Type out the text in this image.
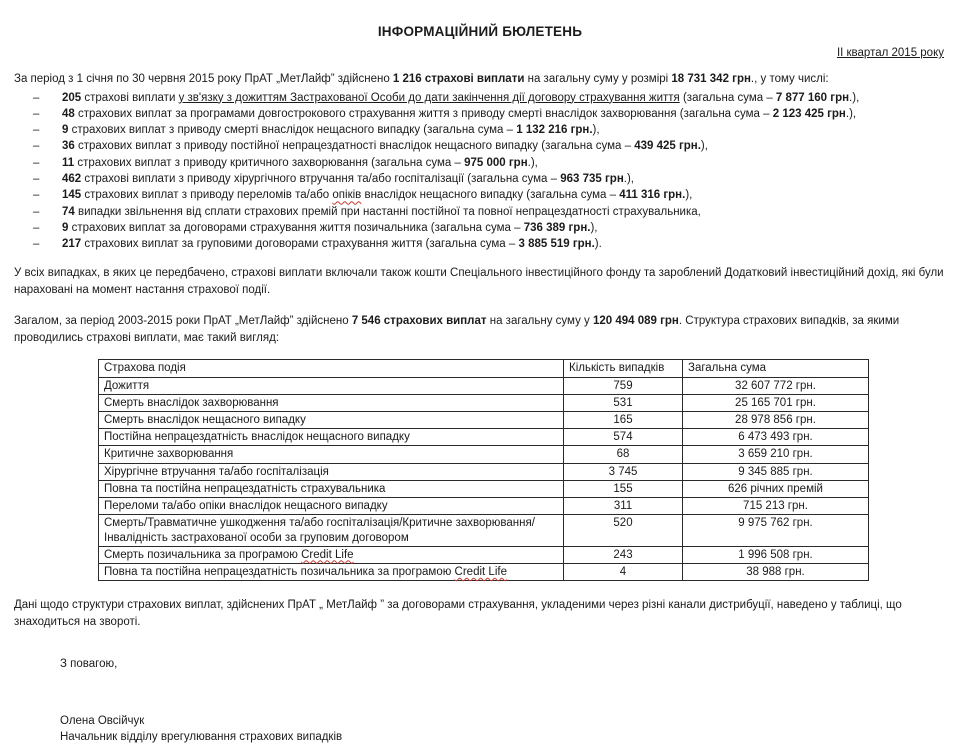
ІНФОРМАЦІЙНИЙ БЮЛЕТЕНЬ
ІІ квартал 2015 року

За період з 1 січня по 30 червня 2015 року ПрАТ „МетЛайф” здійснено 1 216 страхові виплати на загальну суму у розмірі 18 731 342 грн., у тому числі:

– 205 страхові виплати у зв'язку з дожиттям Застрахованої Особи до дати закінчення дії договору страхування життя (загальна сума – 7 877 160 грн.),
– 48 страхових виплат за програмами довгострокового страхування життя з приводу смерті внаслідок захворювання (загальна сума – 2 123 425 грн.),
– 9 страхових виплат з приводу смерті внаслідок нещасного випадку (загальна сума – 1 132 216 грн.),
– 36 страхових виплат з приводу постійної непрацездатності внаслідок нещасного випадку (загальна сума – 439 425 грн.),
– 11 страхових виплат з приводу критичного захворювання (загальна сума – 975 000 грн.),
– 462 страхові виплати з приводу хірургічного втручання та/або госпіталізації (загальна сума – 963 735 грн.),
– 145 страхових виплат з приводу переломів та/або опіків внаслідок нещасного випадку (загальна сума – 411 316 грн.),
– 74 випадки звільнення від сплати страхових премій при настанні постійної та повної непрацездатності страхувальника,
– 9 страхових виплат за договорами страхування життя позичальника (загальна сума – 736 389 грн.),
– 217 страхових виплат за груповими договорами страхування життя (загальна сума – 3 885 519 грн.).

У всіх випадках, в яких це передбачено, страхові виплати включали також кошти Спеціального інвестиційного фонду та зароблений Додатковий інвестиційний дохід, які були нараховані на момент настання страхової події.

Загалом, за період 2003-2015 роки ПрАТ „МетЛайф” здійснено 7 546 страхових виплат на загальну суму у 120 494 089 грн. Структура страхових випадків, за якими проводились страхові виплати, має такий вигляд:

Страхова подія	Кількість випадків	Загальна сума
Дожиття	759	32 607 772 грн.
Смерть внаслідок захворювання	531	25 165 701 грн.
Смерть внаслідок нещасного випадку	165	28 978 856 грн.
Постійна непрацездатність внаслідок нещасного випадку	574	6 473 493 грн.
Критичне захворювання	68	3 659 210 грн.
Хірургічне втручання та/або госпіталізація	3 745	9 345 885 грн.
Повна та постійна непрацездатність страхувальника	155	626 річних премій
Переломи та/або опіки внаслідок нещасного випадку	311	715 213 грн.
Смерть/Травматичне ушкодження та/або госпіталізація/Критичне захворювання/ Інвалідність застрахованої особи за груповим договором	520	9 975 762 грн.
Смерть позичальника за програмою Credit Life	243	1 996 508 грн.
Повна та постійна непрацездатність позичальника за програмою Credit Life	4	38 988 грн.

Дані щодо структури страхових виплат, здійснених ПрАТ „ МетЛайф ” за договорами страхування, укладеними через різні канали дистрибуції, наведено у таблиці, що знаходиться на звороті.

З повагою,

Олена Овсійчук

Начальник відділу врегулювання страхових випадків
